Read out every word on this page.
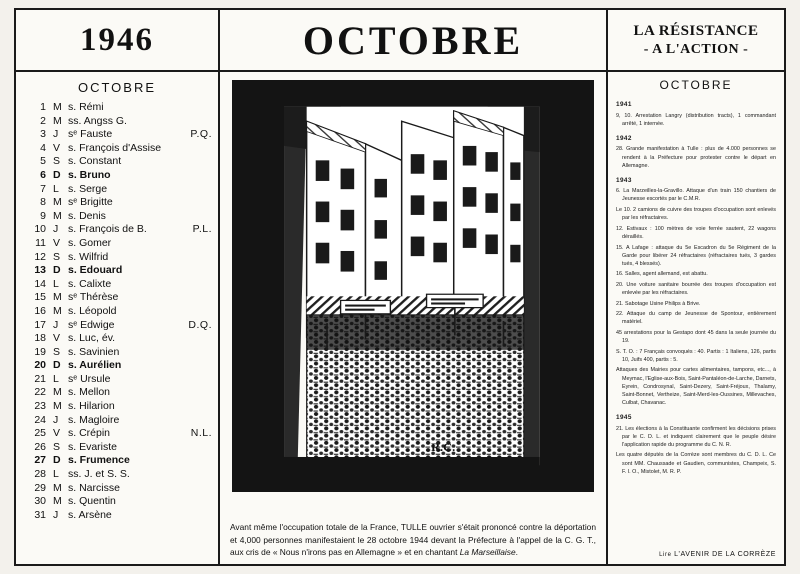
1946	OCTOBRE	LA RÉSISTANCE
- A L'ACTION -
OCTOBRE
1 M s. Rémi
2 M ss. Angss G.
3 J sᵉ Fauste	P.Q.
4 V s. François d'Assise
5 S s. Constant
6 D s. Bruno
7 L s. Serge
8 M sᵉ Brigitte
9 M s. Denis
10 J s. François de B.	P.L.
11 V s. Gomer
12 S s. Wilfrid
13 D s. Edouard
14 L s. Calixte
15 M sᵉ Thérèse
16 M s. Léopold
17 J sᵉ Edwige	D.Q.
18 V s. Luc, év.
19 S s. Savinien
20 D s. Aurélien
21 L sᵉ Ursule
22 M s. Mellon
23 M s. Hilarion
24 J s. Magloire
25 V s. Crépin	N.L.
26 S s. Evariste
27 D s. Frumence
28 L ss. J. et S. S.
29 M s. Narcisse
30 M s. Quentin
31 J s. Arsène
R.C.
Avant même l'occupation totale de la France, TULLE ouvrier s'était prononcé contre la déportation et 4,000 personnes manifestaient le 28 octobre 1944 devant la Préfecture à l'appel de la C. G. T., aux cris de « Nous n'irons pas en Allemagne » et en chantant La Marseillaise.
OCTOBRE
1941

9, 10. Arrestation Langry (distribution tracts), 1 commandant arrêté, 1 internée.

1942

28. Grande manifestation à Tulle : plus de 4.000 personnes se rendent à la Préfecture pour protester contre le départ en Allemagne.

1943

6. La Marzeilles-la-Gravillo. Attaque d'un train 150 chantiers de Jeunesse escortés par le C.M.R.

Le 10. 2 camions de cuivre des troupes d'occupation sont enlevés par les réfractaires.

12. Estivaux : 100 mètres de voie ferrée sautent, 22 wagons déraillés.

15. A Lafage : attaque du 5e Escadron du 5e Régiment de la Garde pour libérer 24 réfractaires (réfractaires tués, 3 gardes tués, 4 blessés).

16. Salles, agent allemand, est abattu.

20. Une voiture sanitaire bourrée des troupes d'occupation est enlevée par les réfractaires.

21. Sabotage Usine Philips à Brive.

22. Attaque du camp de Jeunesse de Spontour, entièrement matériel.

45 arrestations pour la Gestapo dont 45 dans la seule journée du 19.

S. T. O. : 7 Français convoqués : 40. Partis : 1 Italiens, 126, partis 10, Juifs 400, partis : 5.

Attaques des Mairies pour cartes alimentaires, tampons, etc..., à Meymac, l'Eglise-aux-Bois, Saint-Pantaléon-de-Larche, Darnets, Eyrein, Condrosynal, Saint-Dezery, Saint-Fréjoux, Thalamy, Saint-Bonnet, Vertheize, Saint-Merd-les-Oussines, Millevaches, Culbat, Chavanac.

1945

21. Les élections à la Constituante confirment les décisions prises par le C. D. L. et indiquent clairement que le peuple désire l'application rapide du programme du C. N. R.

Les quatre députés de la Corrèze sont membres du C. D. L. Ce sont MM. Chaussade et Gaudien, communistes, Champeix, S. F. I. O., Mistolet, M. R. P.

Lire L'AVENIR DE LA CORRÈZE
